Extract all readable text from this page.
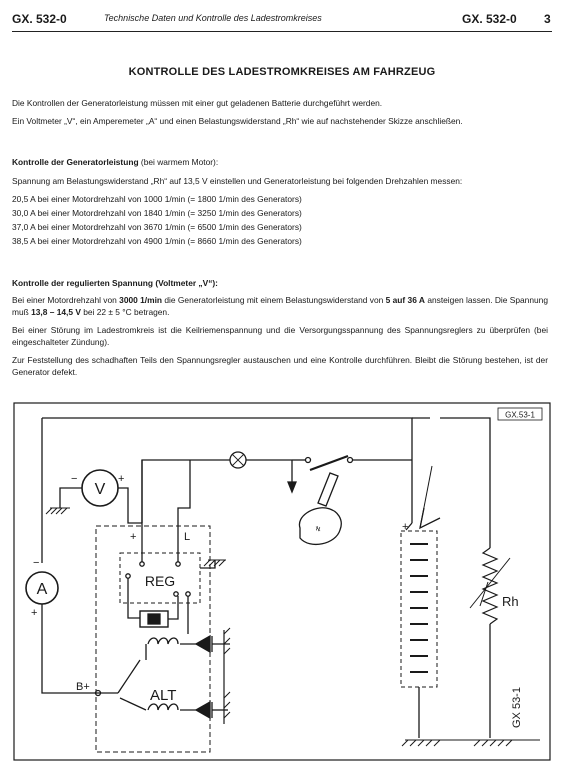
GX. 532-0	Technische Daten und Kontrolle des Ladestromkreises	GX. 532-0 3
KONTROLLE DES LADESTROMKREISES AM FAHRZEUG
Die Kontrollen der Generatorleistung müssen mit einer gut geladenen Batterie durchgeführt werden.
Ein Voltmeter „V“, ein Amperemeter „A“ und einen Belastungswiderstand „Rh“ wie auf nachstehender Skizze anschließen.
Kontrolle der Generatorleistung (bei warmem Motor):
Spannung am Belastungswiderstand „Rh“ auf 13,5 V einstellen und Generatorleistung bei folgenden Drehzahlen messen:
20,5 A bei einer Motordrehzahl von 1000 1/min (= 1800 1/min des Generators)
30,0 A bei einer Motordrehzahl von 1840 1/min (= 3250 1/min des Generators)
37,0 A bei einer Motordrehzahl von 3670 1/min (= 6500 1/min des Generators)
38,5 A bei einer Motordrehzahl von 4900 1/min (= 8660 1/min des Generators)
Kontrolle der regulierten Spannung (Voltmeter „V“):
Bei einer Motordrehzahl von 3000 1/min die Generatorleistung mit einem Belastungswiderstand von 5 auf 36 A ansteigen lassen. Die Spannung muß 13,8 – 14,5 V bei 22 ± 5 °C betragen.
Bei einer Störung im Ladestromkreis ist die Keilriemenspannung und die Versorgungsspannung des Spannungsreglers zu überprüfen (bei eingeschalteter Zündung).
Zur Feststellung des schadhaften Teils den Spannungsregler austauschen und eine Kontrolle durchführen. Bleibt die Störung bestehen, ist der Generator defekt.
GX.53-1
A
−
+
B+
V
−	+
≠	+
Rh
GX 53-1
+	L
REG
ALT
